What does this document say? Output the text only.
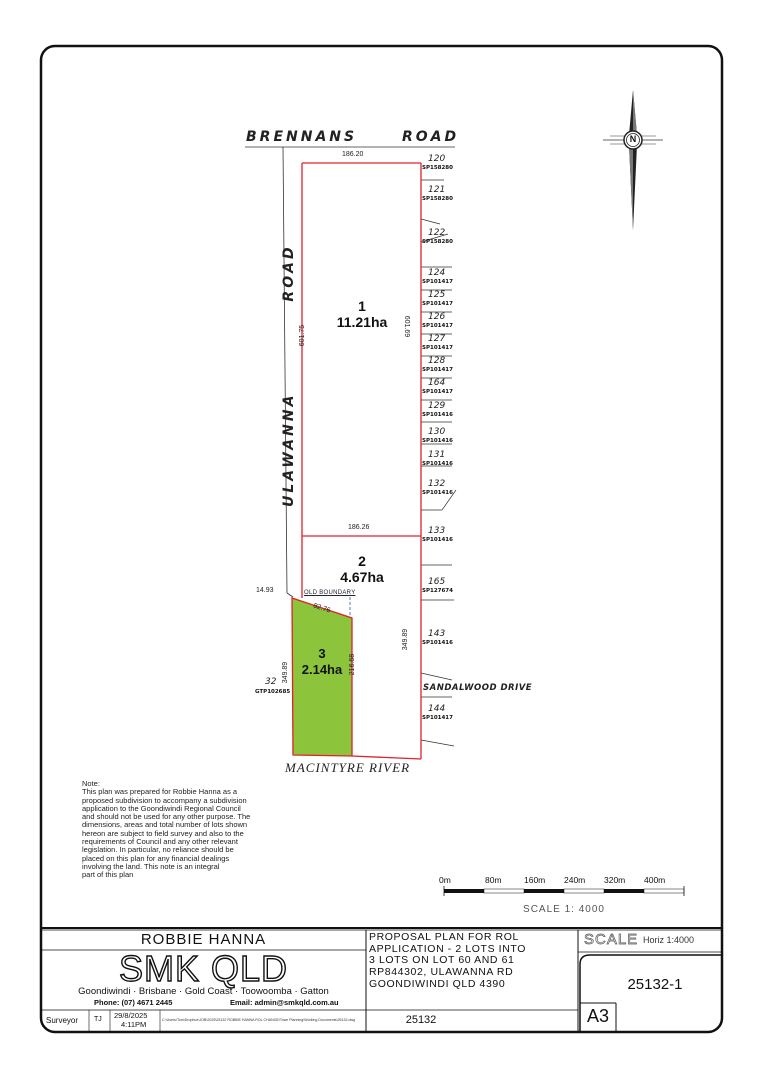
BRENNANS	ROAD
ROAD
ULAWANNA
SANDALWOOD DRIVE
MACINTYRE RIVER
186.20
186.26
601.75	601.69
349.89
349.89	216.68
82.76
14.93	OLD BOUNDARY
1
11.21ha
2
4.67ha
3
2.14ha
120
SP158280
121
SP158280
122
SP158280
124
SP101417
125
SP101417
126
SP101417
127
SP101417
128
SP101417
164
SP101417
129
SP101416
130
SP101416
131
SP101416
132
SP101416
133
SP101416
165
SP127674
143
SP101416
144
SP101417
32
GTP102685
N
Note:
This plan was prepared for Robbie Hanna as a
proposed subdivision to accompany a subdivision
application to the Goondiwindi Regional Council
and should not be used for any other purpose. The
dimensions, areas and total number of lots shown
hereon are subject to field survey and also to the
requirements of Council and any other relevant
legislation. In particular, no reliance should be
placed on this plan for any financial dealings
involving the land. This note is an integral
part of this plan
0m	80m	160m 240m 320m 400m
SCALE 1: 4000
ROBBIE HANNA
SMK QLD
Goondiwindi · Brisbane · Gold Coast · Toowoomba · Gatton
Phone: (07) 4671 2445	Email: admin@smkqld.com.au
Surveyor TJ 29/8/2025
4:11PM	C:\Users\Tom\Dropbox\JOB\2025\25132 ROBBIE HANNA ROL CHANGE\Town Planning\Working Documents\25132.dwg	25132
PROPOSAL PLAN FOR ROL
APPLICATION - 2 LOTS INTO
3 LOTS ON LOT 60 AND 61
RP844302, ULAWANNA RD
GOONDIWINDI QLD 4390
SCALE Horiz 1:4000
25132-1
A3
